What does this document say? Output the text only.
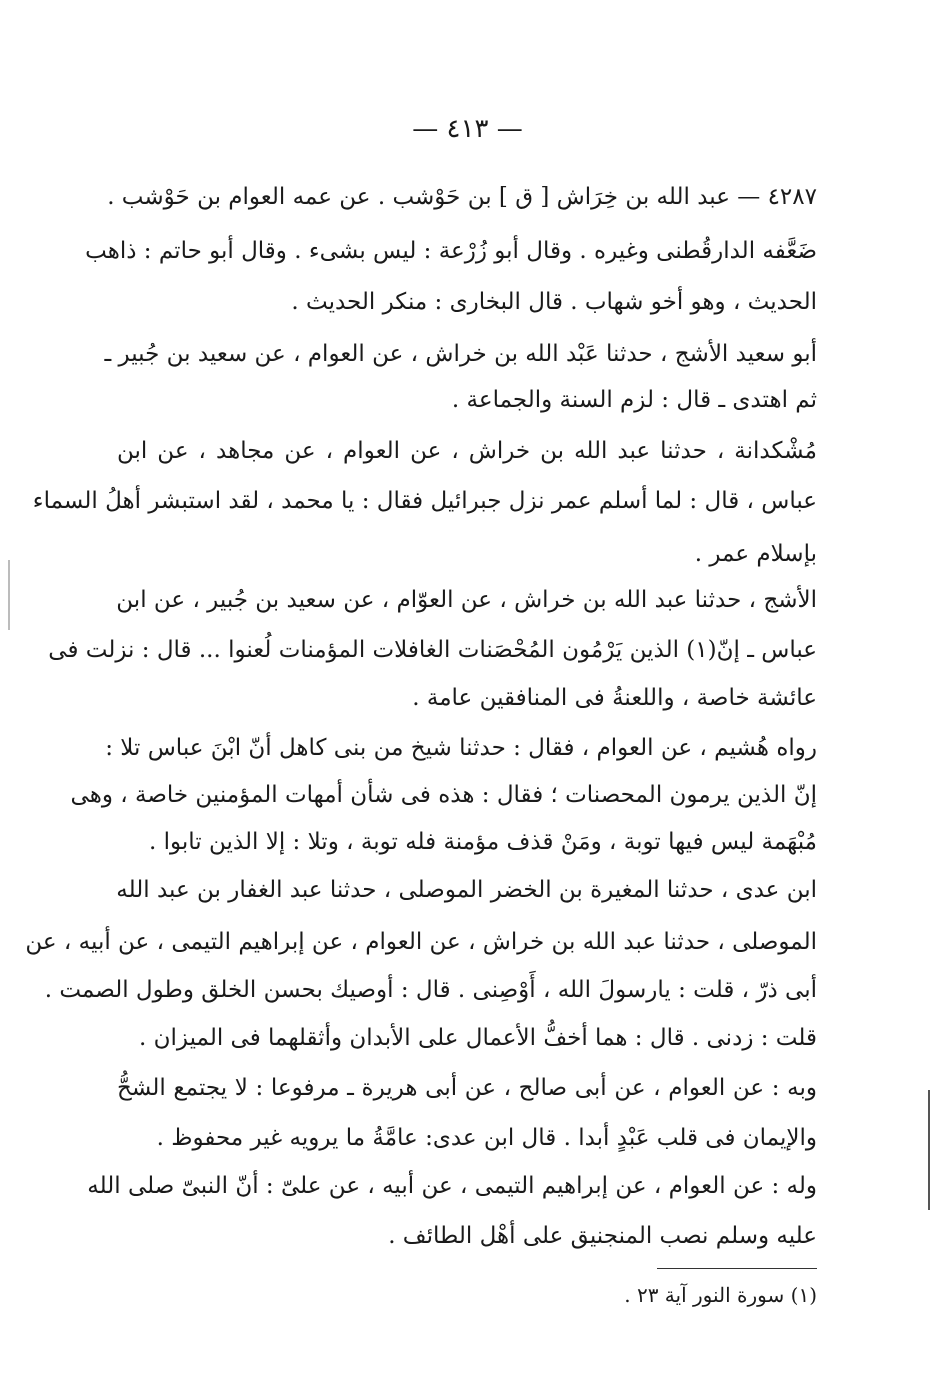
— ٤١٣ —
٤٢٨٧ — عبد الله بن خِرَاش [ ق ] بن حَوْشب . عن عمه العوام بن حَوْشب .
ضَعَّفه الدارقُطنى وغيره . وقال أبو زُرْعة : ليس بشىء . وقال أبو حاتم : ذاهب
الحديث ، وهو أخو شهاب . قال البخارى : منكر الحديث .
أبو سعيد الأشج ، حدثنا عَبْد الله بن خراش ، عن العوام ، عن سعيد بن جُبير ـ
ثم اهتدى ـ قال : لزم السنة والجماعة .
مُشْكدانة ، حدثنا عبد الله بن خراش ، عن العوام ، عن مجاهد ، عن ابن
عباس ، قال : لما أسلم عمر نزل جبرائيل فقال : يا محمد ، لقد استبشر أهلُ السماء
بإسلام عمر .
الأشج ، حدثنا عبد الله بن خراش ، عن العوّام ، عن سعيد بن جُبير ، عن ابن
عباس ـ إنّ(١) الذين يَرْمُون المُحْصَنات الغافلات المؤمنات لُعنوا ... قال : نزلت فى
عائشة خاصة ، واللعنةُ فى المنافقين عامة .
رواه هُشيم ، عن العوام ، فقال : حدثنا شيخ من بنى كاهل أنّ ابْنَ عباس تلا :
إنّ الذين يرمون المحصنات ؛ فقال : هذه فى شأن أمهات المؤمنين خاصة ، وهى
مُبْهَمة ليس فيها توبة ، ومَنْ قذف مؤمنة فله توبة ، وتلا : إلا الذين تابوا .
ابن عدى ، حدثنا المغيرة بن الخضر الموصلى ، حدثنا عبد الغفار بن عبد الله
الموصلى ، حدثنا عبد الله بن خراش ، عن العوام ، عن إبراهيم التيمى ، عن أبيه ، عن
أبى ذرّ ، قلت : يارسولَ الله ، أَوْصِنى . قال : أوصيك بحسن الخلق وطول الصمت .
قلت : زدنى . قال : هما أخفُّ الأعمال على الأبدان وأثقلهما فى الميزان .
وبه : عن العوام ، عن أبى صالح ، عن أبى هريرة ـ مرفوعا : لا يجتمع الشحُّ
والإيمان فى قلب عَبْدٍ أبدا . قال ابن عدى: عامَّةُ ما يرويه غير محفوظ .
وله : عن العوام ، عن إبراهيم التيمى ، عن أبيه ، عن علىّ : أنّ النبىّ صلى الله
عليه وسلم نصب المنجنيق على أهْل الطائف .
(١) سورة النور آية ٢٣ .
